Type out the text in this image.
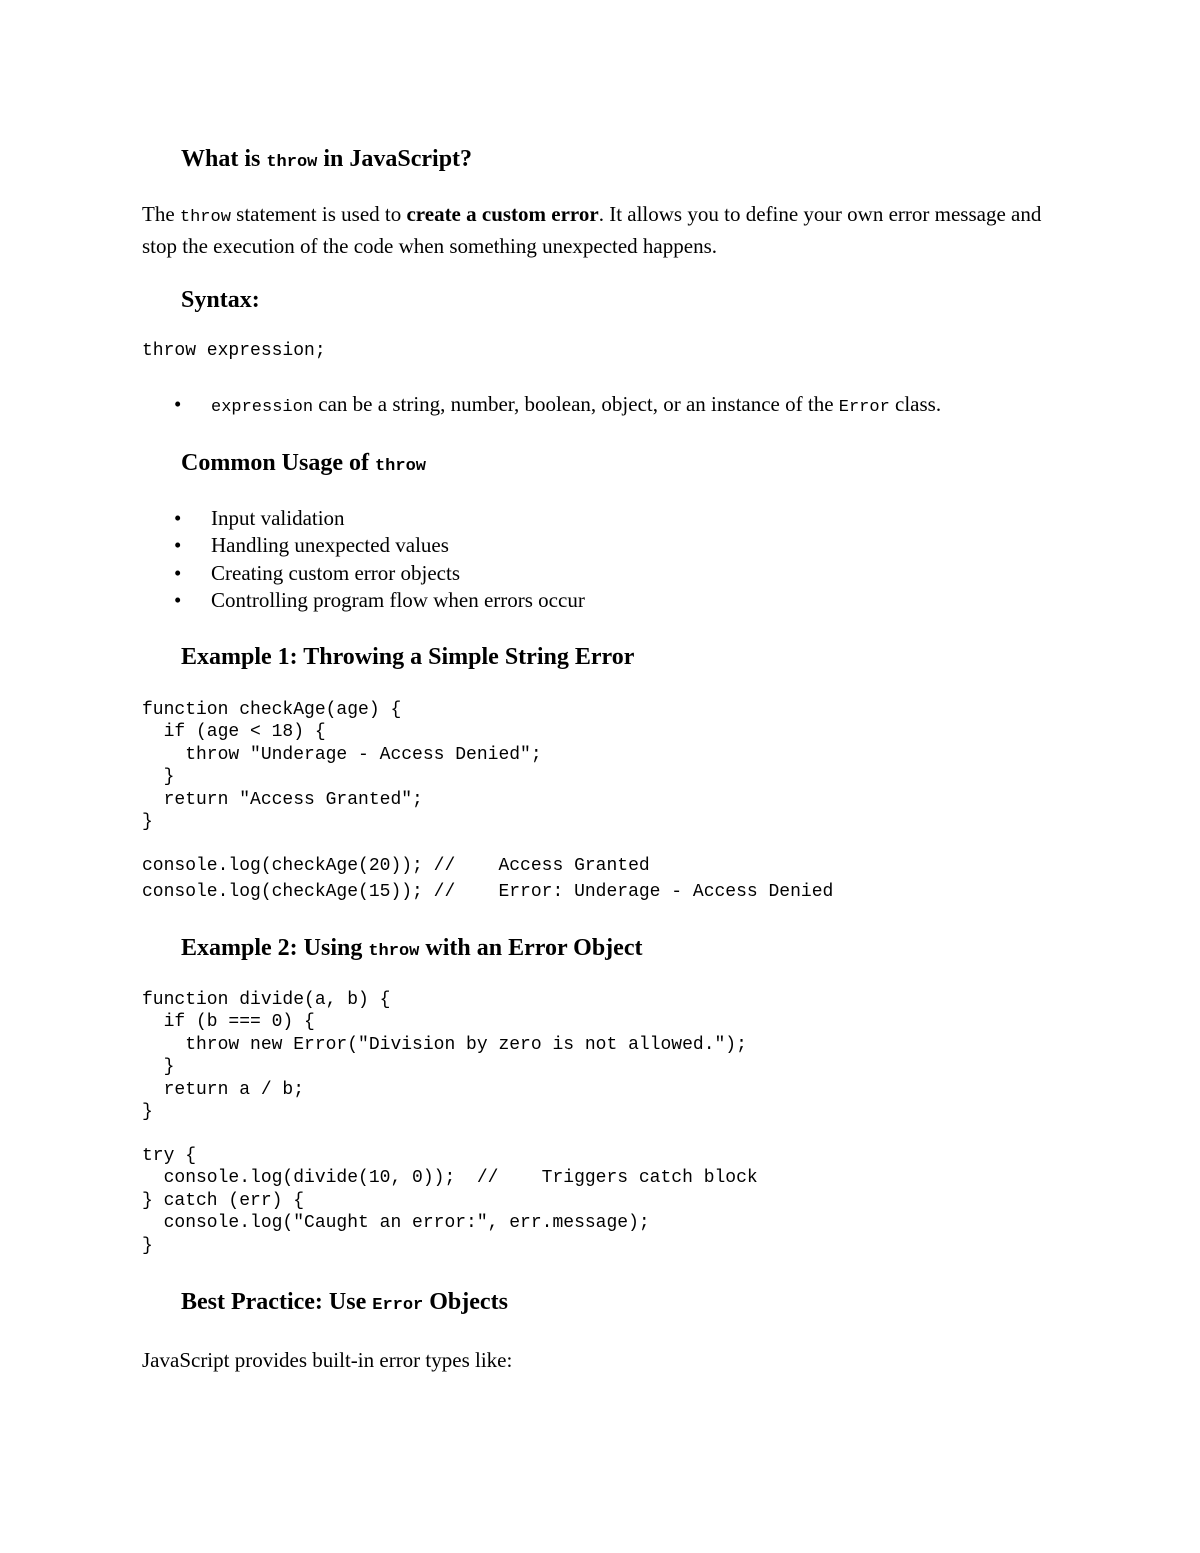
What is throw in JavaScript?

The throw statement is used to create a custom error. It allows you to define your own error message and stop the execution of the code when something unexpected happens.

Syntax:
throw expression;
• expression can be a string, number, boolean, object, or an instance of the Error class.
Common Usage of throw
• Input validation
• Handling unexpected values
• Creating custom error objects
• Controlling program flow when errors occur
Example 1: Throwing a Simple String Error
function checkAge(age) {
if (age < 18) {
throw "Underage - Access Denied";
}
return "Access Granted";
}
console.log(checkAge(20)); //    Access Granted
console.log(checkAge(15)); //    Error: Underage - Access Denied
Example 2: Using throw with an Error Object
function divide(a, b) {
if (b === 0) {
throw new Error("Division by zero is not allowed.");
}
return a / b;
}
try {
console.log(divide(10, 0));  //    Triggers catch block
} catch (err) {
console.log("Caught an error:", err.message);
}
Best Practice: Use Error Objects

JavaScript provides built-in error types like:
